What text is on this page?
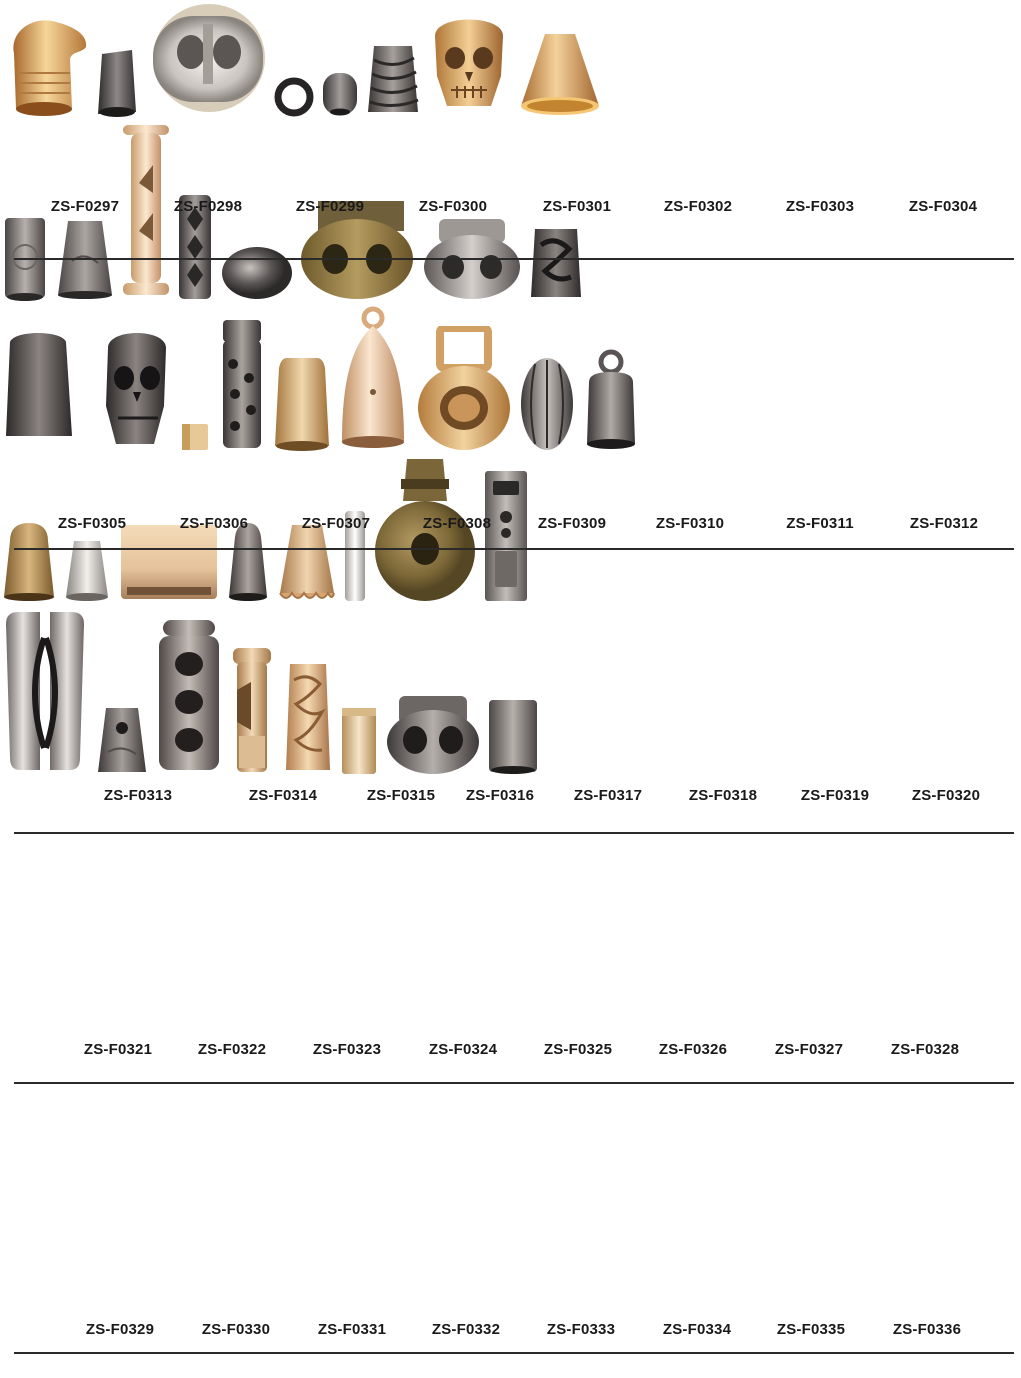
ZS-F0297	ZS-F0298	ZS-F0299	ZS-F0300	ZS-F0301	ZS-F0302	ZS-F0303	ZS-F0304

ZS-F0305	ZS-F0306	ZS-F0307	ZS-F0308	ZS-F0309	ZS-F0310	ZS-F0311	ZS-F0312

ZS-F0313	ZS-F0314	ZS-F0315 ZS-F0316	ZS-F0317	ZS-F0318	ZS-F0319	ZS-F0320

ZS-F0321	ZS-F0322	ZS-F0323	ZS-F0324	ZS-F0325	ZS-F0326	ZS-F0327	ZS-F0328

ZS-F0329	ZS-F0330	ZS-F0331	ZS-F0332	ZS-F0333	ZS-F0334	ZS-F0335	ZS-F0336
